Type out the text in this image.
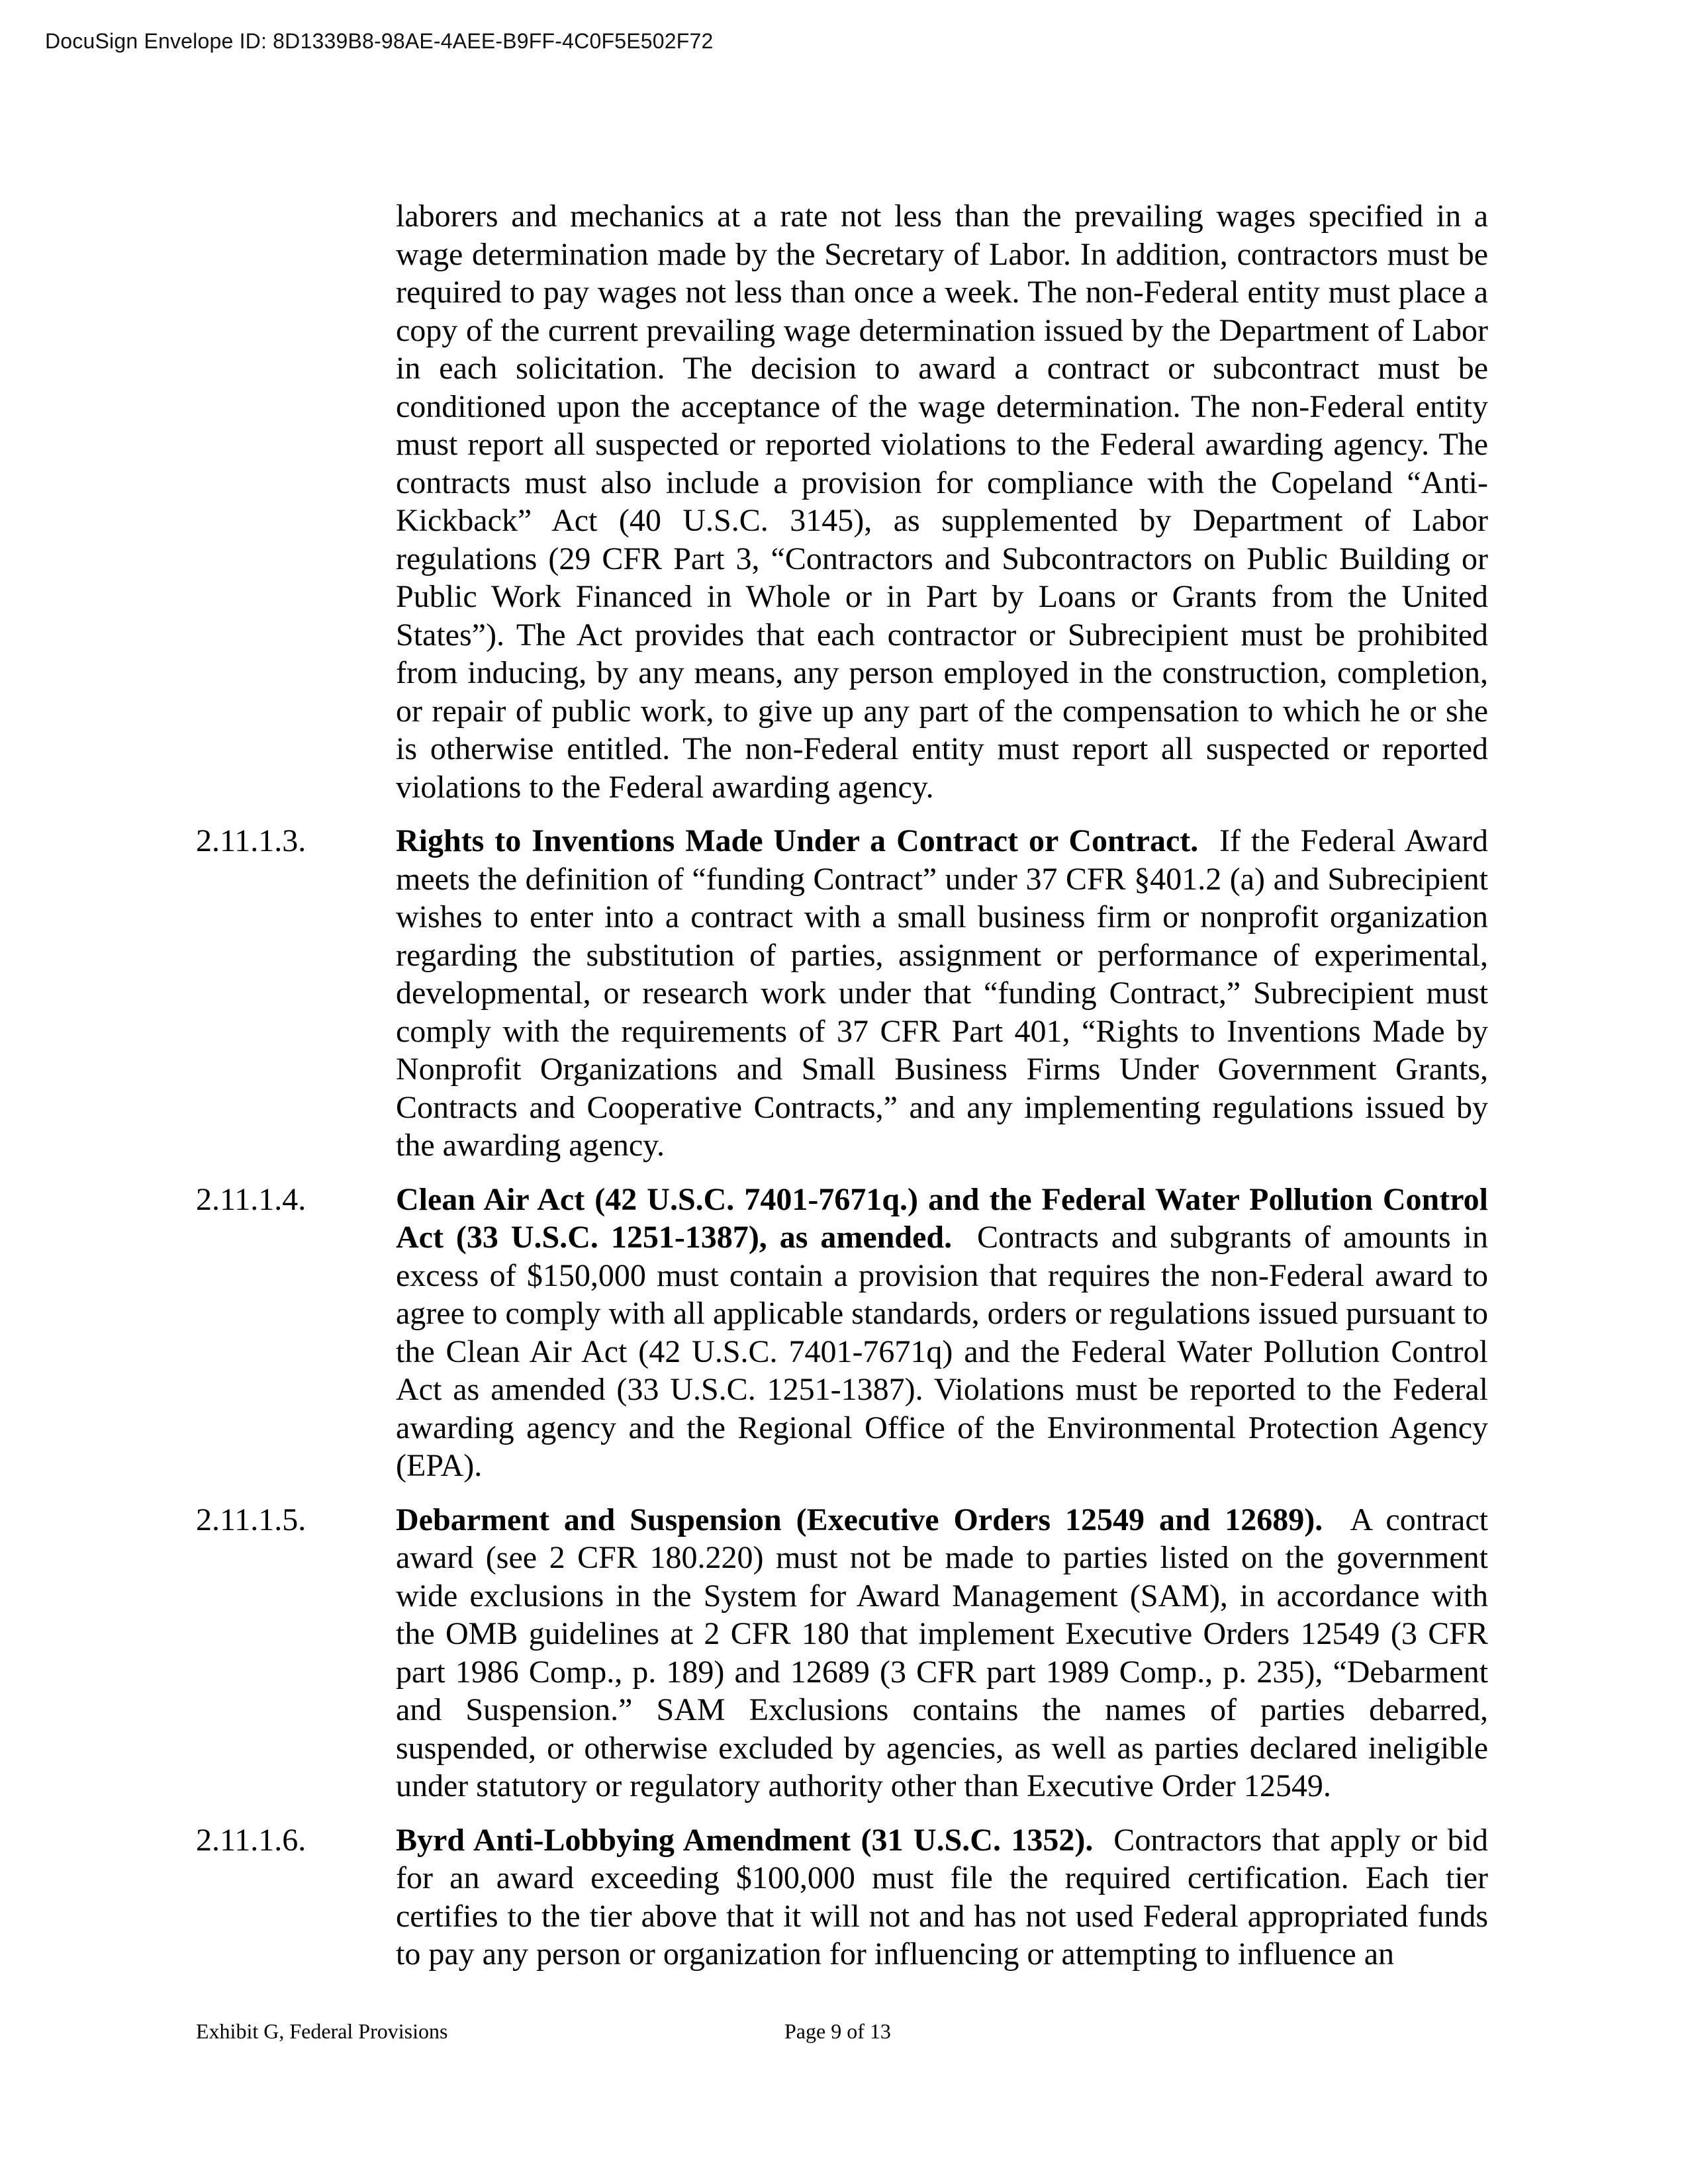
DocuSign Envelope ID: 8D1339B8-98AE-4AEE-B9FF-4C0F5E502F72

laborers and mechanics at a rate not less than the prevailing wages specified in a wage determination made by the Secretary of Labor. In addition, contractors must be required to pay wages not less than once a week. The non-Federal entity must place a copy of the current prevailing wage determination issued by the Department of Labor in each solicitation. The decision to award a contract or subcontract must be conditioned upon the acceptance of the wage determination. The non-Federal entity must report all suspected or reported violations to the Federal awarding agency. The contracts must also include a provision for compliance with the Copeland “Anti-Kickback” Act (40 U.S.C. 3145), as supplemented by Department of Labor regulations (29 CFR Part 3, “Contractors and Subcontractors on Public Building or Public Work Financed in Whole or in Part by Loans or Grants from the United States”). The Act provides that each contractor or Subrecipient must be prohibited from inducing, by any means, any person employed in the construction, completion, or repair of public work, to give up any part of the compensation to which he or she is otherwise entitled. The non-Federal entity must report all suspected or reported violations to the Federal awarding agency.

2.11.1.3.	Rights to Inventions Made Under a Contract or Contract. If the Federal Award meets the definition of “funding Contract” under 37 CFR §401.2 (a) and Subrecipient wishes to enter into a contract with a small business firm or nonprofit organization regarding the substitution of parties, assignment or performance of experimental, developmental, or research work under that “funding Contract,” Subrecipient must comply with the requirements of 37 CFR Part 401, “Rights to Inventions Made by Nonprofit Organizations and Small Business Firms Under Government Grants, Contracts and Cooperative Contracts,” and any implementing regulations issued by the awarding agency.

2.11.1.4.	Clean Air Act (42 U.S.C. 7401-7671q.) and the Federal Water Pollution Control Act (33 U.S.C. 1251-1387), as amended. Contracts and subgrants of amounts in excess of $150,000 must contain a provision that requires the non-Federal award to agree to comply with all applicable standards, orders or regulations issued pursuant to the Clean Air Act (42 U.S.C. 7401-7671q) and the Federal Water Pollution Control Act as amended (33 U.S.C. 1251-1387). Violations must be reported to the Federal awarding agency and the Regional Office of the Environmental Protection Agency (EPA).

2.11.1.5.	Debarment and Suspension (Executive Orders 12549 and 12689). A contract award (see 2 CFR 180.220) must not be made to parties listed on the government wide exclusions in the System for Award Management (SAM), in accordance with the OMB guidelines at 2 CFR 180 that implement Executive Orders 12549 (3 CFR part 1986 Comp., p. 189) and 12689 (3 CFR part 1989 Comp., p. 235), “Debarment and Suspension.” SAM Exclusions contains the names of parties debarred, suspended, or otherwise excluded by agencies, as well as parties declared ineligible under statutory or regulatory authority other than Executive Order 12549.

2.11.1.6.	Byrd Anti-Lobbying Amendment (31 U.S.C. 1352). Contractors that apply or bid for an award exceeding $100,000 must file the required certification. Each tier certifies to the tier above that it will not and has not used Federal appropriated funds to pay any person or organization for influencing or attempting to influence an

Exhibit G, Federal Provisions	Page 9 of 13
